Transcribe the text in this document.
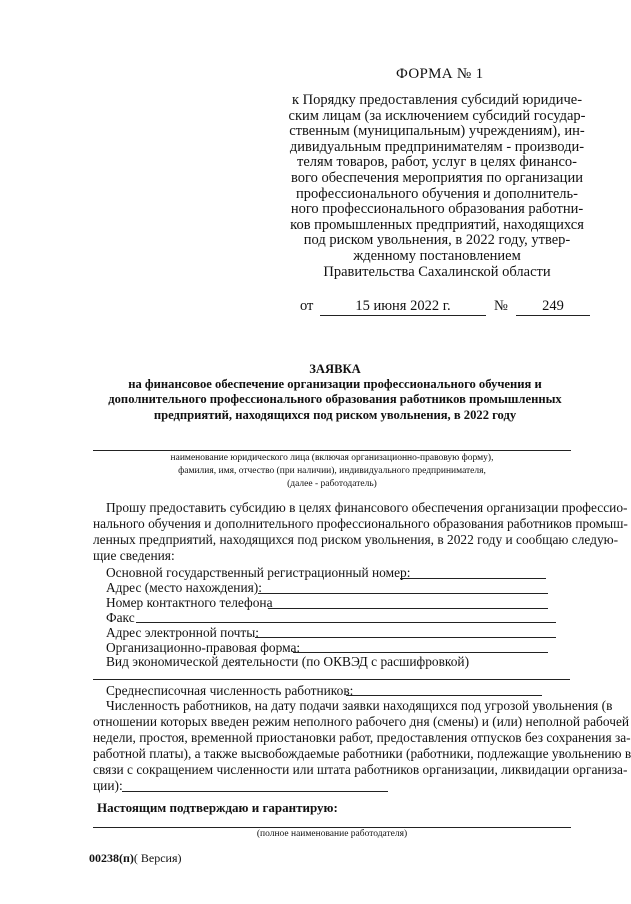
ФОРМА № 1
к Порядку предоставления субсидий юридиче-
ским лицам (за исключением субсидий государ-
ственным (муниципальным) учреждениям), ин-
дивидуальным предпринимателям - производи-
телям товаров, работ, услуг в целях финансо-
вого обеспечения мероприятия по организации
профессионального обучения и дополнитель-
ного профессионального образования работни-
ков промышленных предприятий, находящихся
под риском увольнения, в 2022 году, утвер-
жденному постановлением
Правительства Сахалинской области
от	15 июня 2022 г.	№	249
ЗАЯВКА
на финансовое обеспечение организации профессионального обучения и
дополнительного профессионального образования работников промышленных
предприятий, находящихся под риском увольнения, в 2022 году
наименование юридического лица (включая организационно-правовую форму),
фамилия, имя, отчество (при наличии), индивидуального предпринимателя,
(далее - работодатель)
Прошу предоставить субсидию в целях финансового обеспечения организации профессио-
нального обучения и дополнительного профессионального образования работников промыш-
ленных предприятий, находящихся под риском увольнения, в 2022 году и сообщаю следую-
щие сведения:
Основной государственный регистрационный номер:
Адрес (место нахождения):
Номер контактного телефона
Факс
Адрес электронной почты:
Организационно-правовая форма:
Вид экономической деятельности (по ОКВЭД с расшифровкой)
Среднесписочная численность работников:
Численность работников, на дату подачи заявки находящихся под угрозой увольнения (в
отношении которых введен режим неполного рабочего дня (смены) и (или) неполной рабочей
недели, простоя, временной приостановки работ, предоставления отпусков без сохранения за-
работной платы), а также высвобождаемые работники (работники, подлежащие увольнению в
связи с сокращением численности или штата работников организации, ликвидации организа-
ции):
Настоящим подтверждаю и гарантирую:
(полное наименование работодателя)
00238(п)( Версия)
